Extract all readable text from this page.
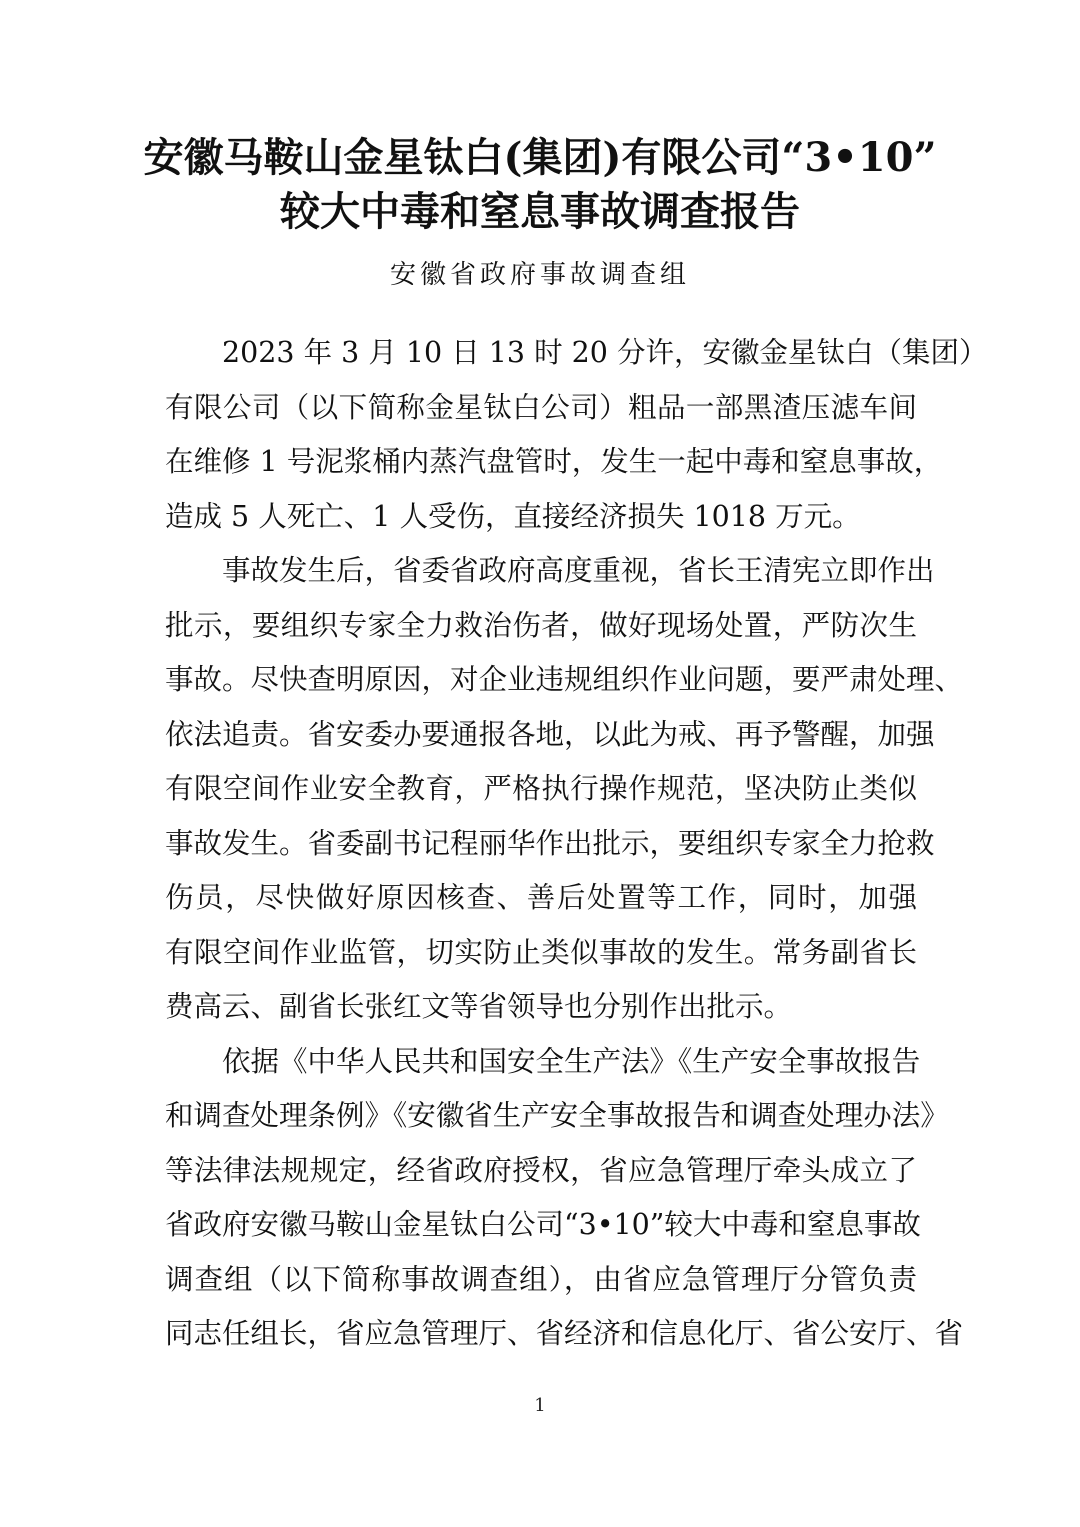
安徽马鞍山金星钛白(集团)有限公司“3•10”
较大中毒和窒息事故调查报告
安徽省政府事故调查组
2023 年 3 月 10 日 13 时 20 分许，安徽金星钛白（集团）
有限公司（以下简称金星钛白公司）粗品一部黑渣压滤车间
在维修 1 号泥浆桶内蒸汽盘管时，发生一起中毒和窒息事故，
造成 5 人死亡、1 人受伤，直接经济损失 1018 万元。
事故发生后，省委省政府高度重视，省长王清宪立即作出
批示，要组织专家全力救治伤者，做好现场处置，严防次生
事故。尽快查明原因，对企业违规组织作业问题，要严肃处理、
依法追责。省安委办要通报各地，以此为戒、再予警醒，加强
有限空间作业安全教育，严格执行操作规范，坚决防止类似
事故发生。省委副书记程丽华作出批示，要组织专家全力抢救
伤员，尽快做好原因核查、善后处置等工作，同时，加强
有限空间作业监管，切实防止类似事故的发生。常务副省长
费高云、副省长张红文等省领导也分别作出批示。
依据《中华人民共和国安全生产法》《生产安全事故报告
和调查处理条例》《安徽省生产安全事故报告和调查处理办法》
等法律法规规定，经省政府授权，省应急管理厅牵头成立了
省政府安徽马鞍山金星钛白公司“3•10”较大中毒和窒息事故
调查组（以下简称事故调查组），由省应急管理厅分管负责
同志任组长，省应急管理厅、省经济和信息化厅、省公安厅、省
1
